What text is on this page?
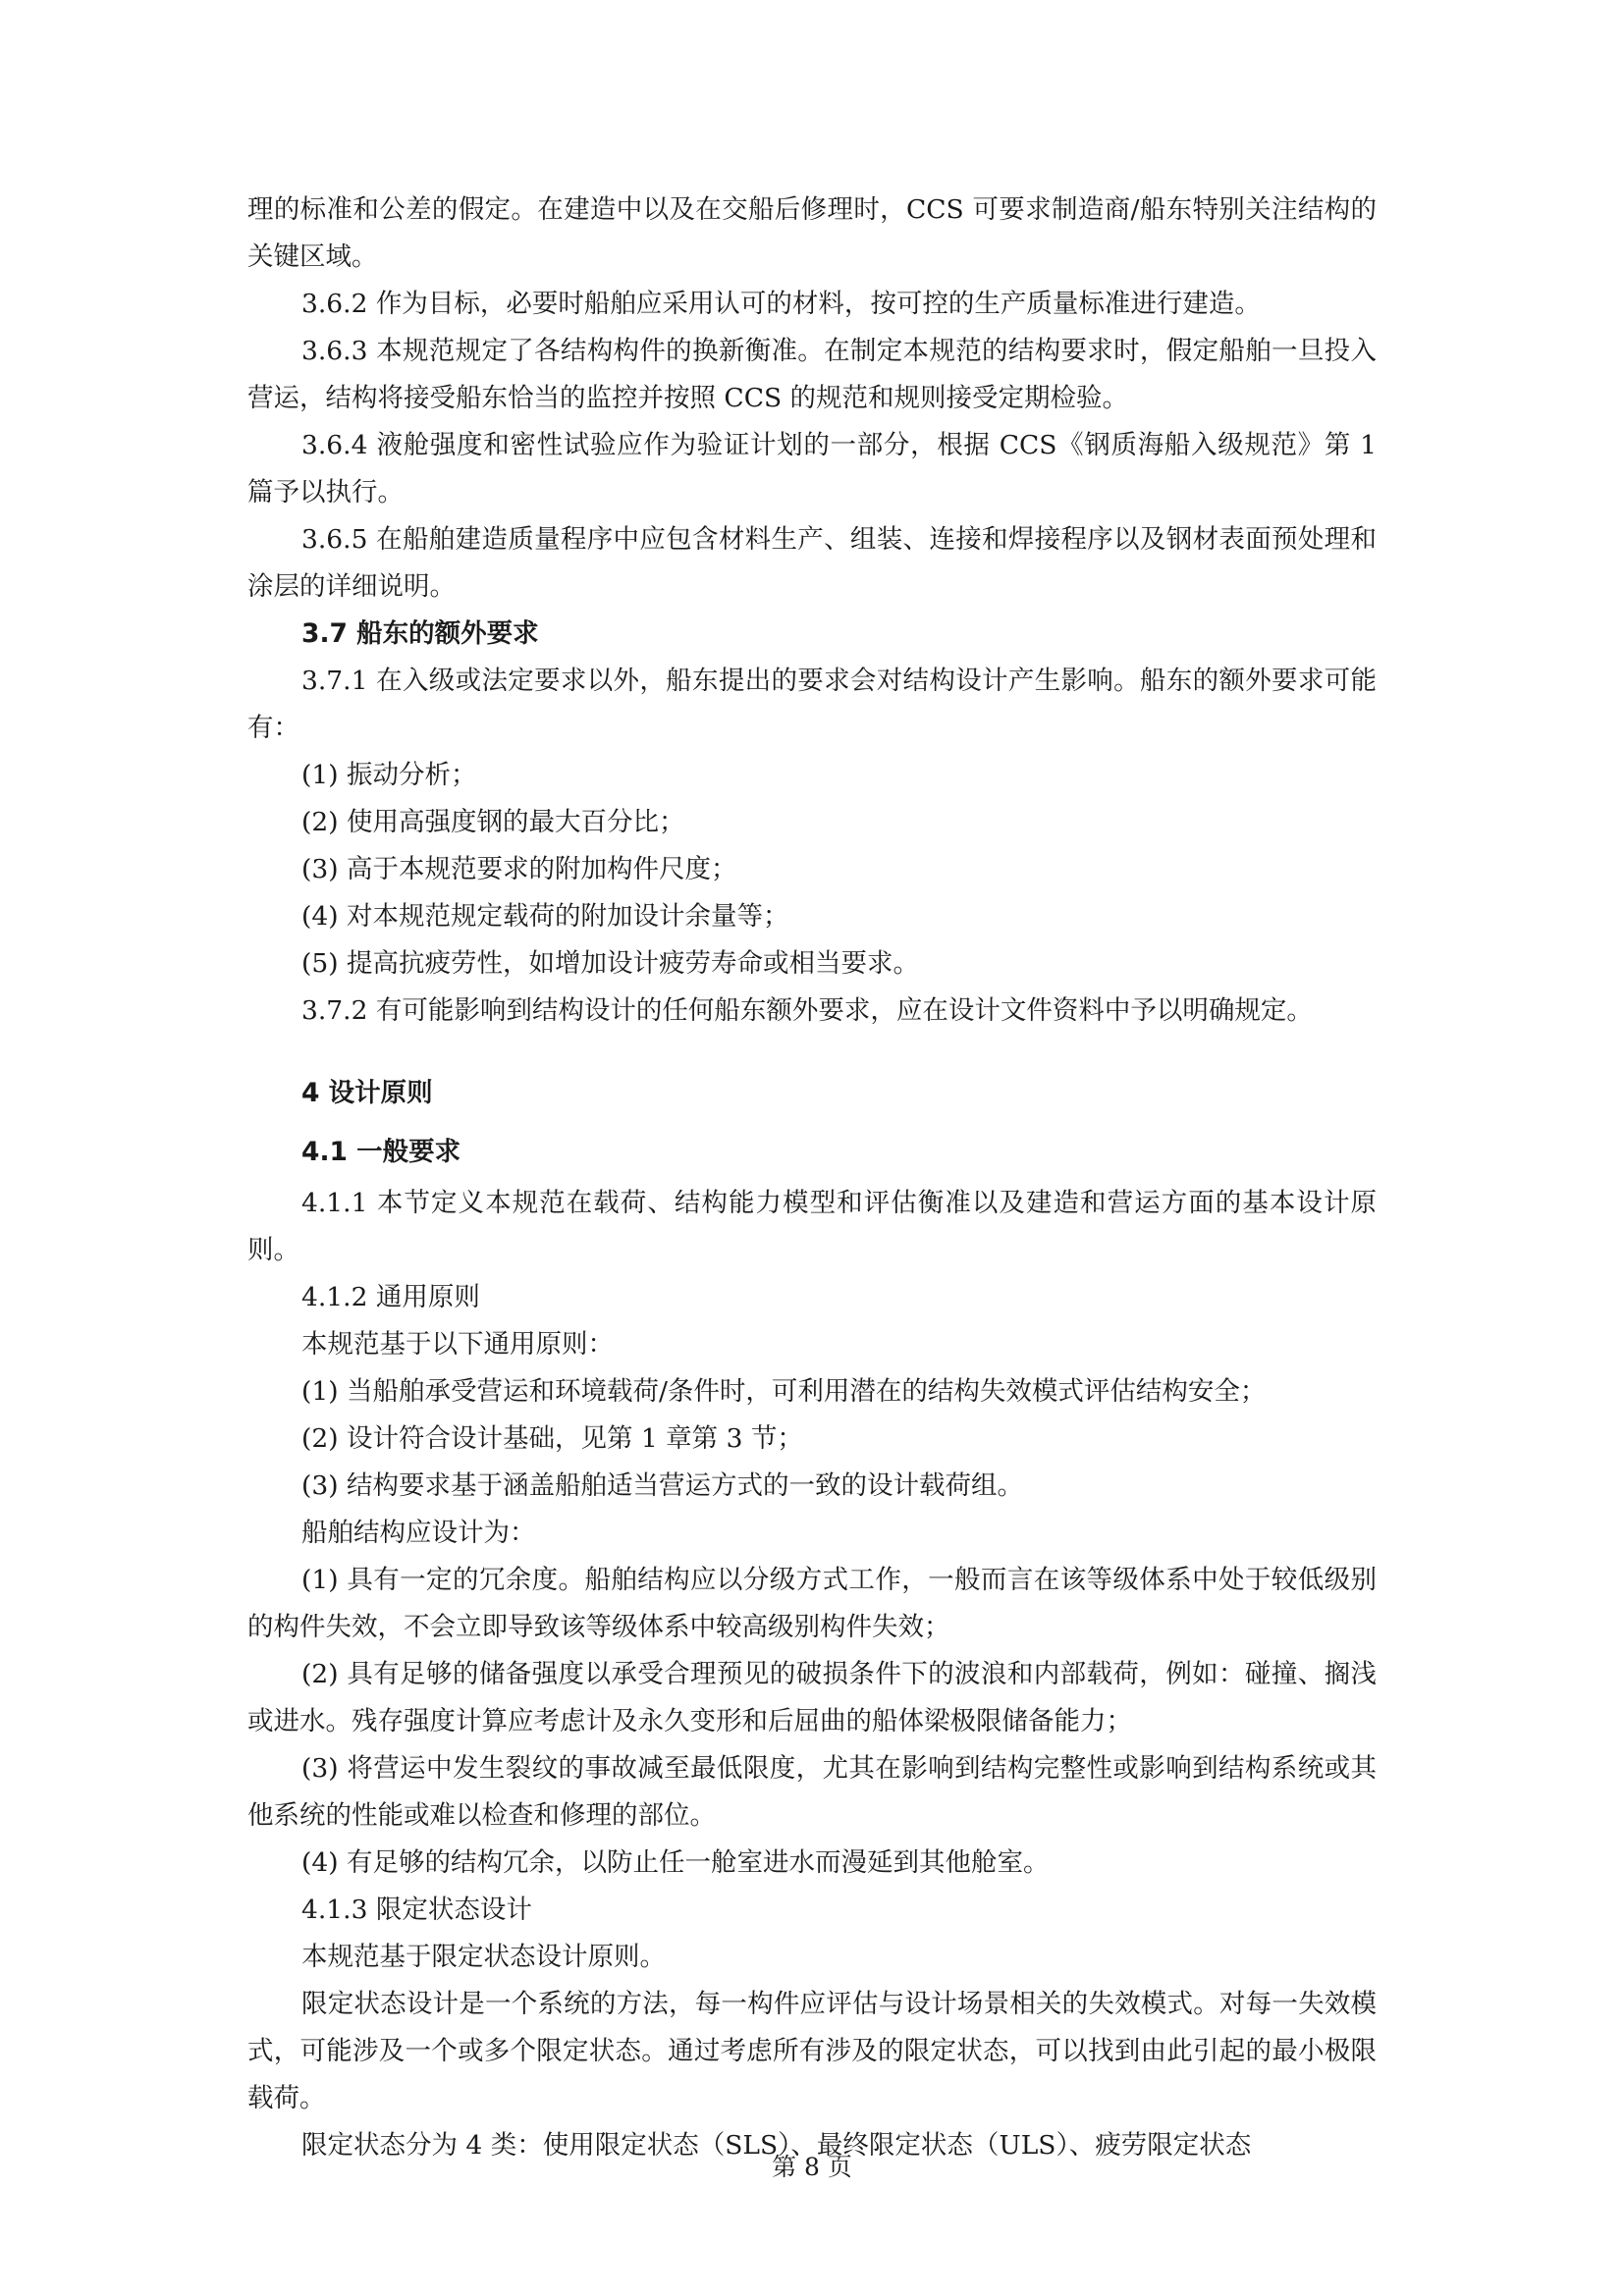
理的标准和公差的假定。在建造中以及在交船后修理时，CCS 可要求制造商/船东特别关注结构的关键区域。

3.6.2 作为目标，必要时船舶应采用认可的材料，按可控的生产质量标准进行建造。

3.6.3 本规范规定了各结构构件的换新衡准。在制定本规范的结构要求时，假定船舶一旦投入营运，结构将接受船东恰当的监控并按照 CCS 的规范和规则接受定期检验。

3.6.4 液舱强度和密性试验应作为验证计划的一部分，根据 CCS《钢质海船入级规范》第 1 篇予以执行。

3.6.5 在船舶建造质量程序中应包含材料生产、组装、连接和焊接程序以及钢材表面预处理和涂层的详细说明。

3.7 船东的额外要求

3.7.1 在入级或法定要求以外，船东提出的要求会对结构设计产生影响。船东的额外要求可能有：

(1) 振动分析；

(2) 使用高强度钢的最大百分比；

(3) 高于本规范要求的附加构件尺度；

(4) 对本规范规定载荷的附加设计余量等；

(5) 提高抗疲劳性，如增加设计疲劳寿命或相当要求。

3.7.2 有可能影响到结构设计的任何船东额外要求，应在设计文件资料中予以明确规定。

4 设计原则

4.1 一般要求

4.1.1 本节定义本规范在载荷、结构能力模型和评估衡准以及建造和营运方面的基本设计原则。

4.1.2 通用原则

本规范基于以下通用原则：

(1) 当船舶承受营运和环境载荷/条件时，可利用潜在的结构失效模式评估结构安全；

(2) 设计符合设计基础，见第 1 章第 3 节；

(3) 结构要求基于涵盖船舶适当营运方式的一致的设计载荷组。

船舶结构应设计为：

(1) 具有一定的冗余度。船舶结构应以分级方式工作，一般而言在该等级体系中处于较低级别的构件失效，不会立即导致该等级体系中较高级别构件失效；

(2) 具有足够的储备强度以承受合理预见的破损条件下的波浪和内部载荷，例如：碰撞、搁浅或进水。残存强度计算应考虑计及永久变形和后屈曲的船体梁极限储备能力；

(3) 将营运中发生裂纹的事故减至最低限度，尤其在影响到结构完整性或影响到结构系统或其他系统的性能或难以检查和修理的部位。

(4) 有足够的结构冗余，以防止任一舱室进水而漫延到其他舱室。

4.1.3 限定状态设计

本规范基于限定状态设计原则。

限定状态设计是一个系统的方法，每一构件应评估与设计场景相关的失效模式。对每一失效模式，可能涉及一个或多个限定状态。通过考虑所有涉及的限定状态，可以找到由此引起的最小极限载荷。

限定状态分为 4 类：使用限定状态（SLS）、最终限定状态（ULS）、疲劳限定状态

第 8 页
